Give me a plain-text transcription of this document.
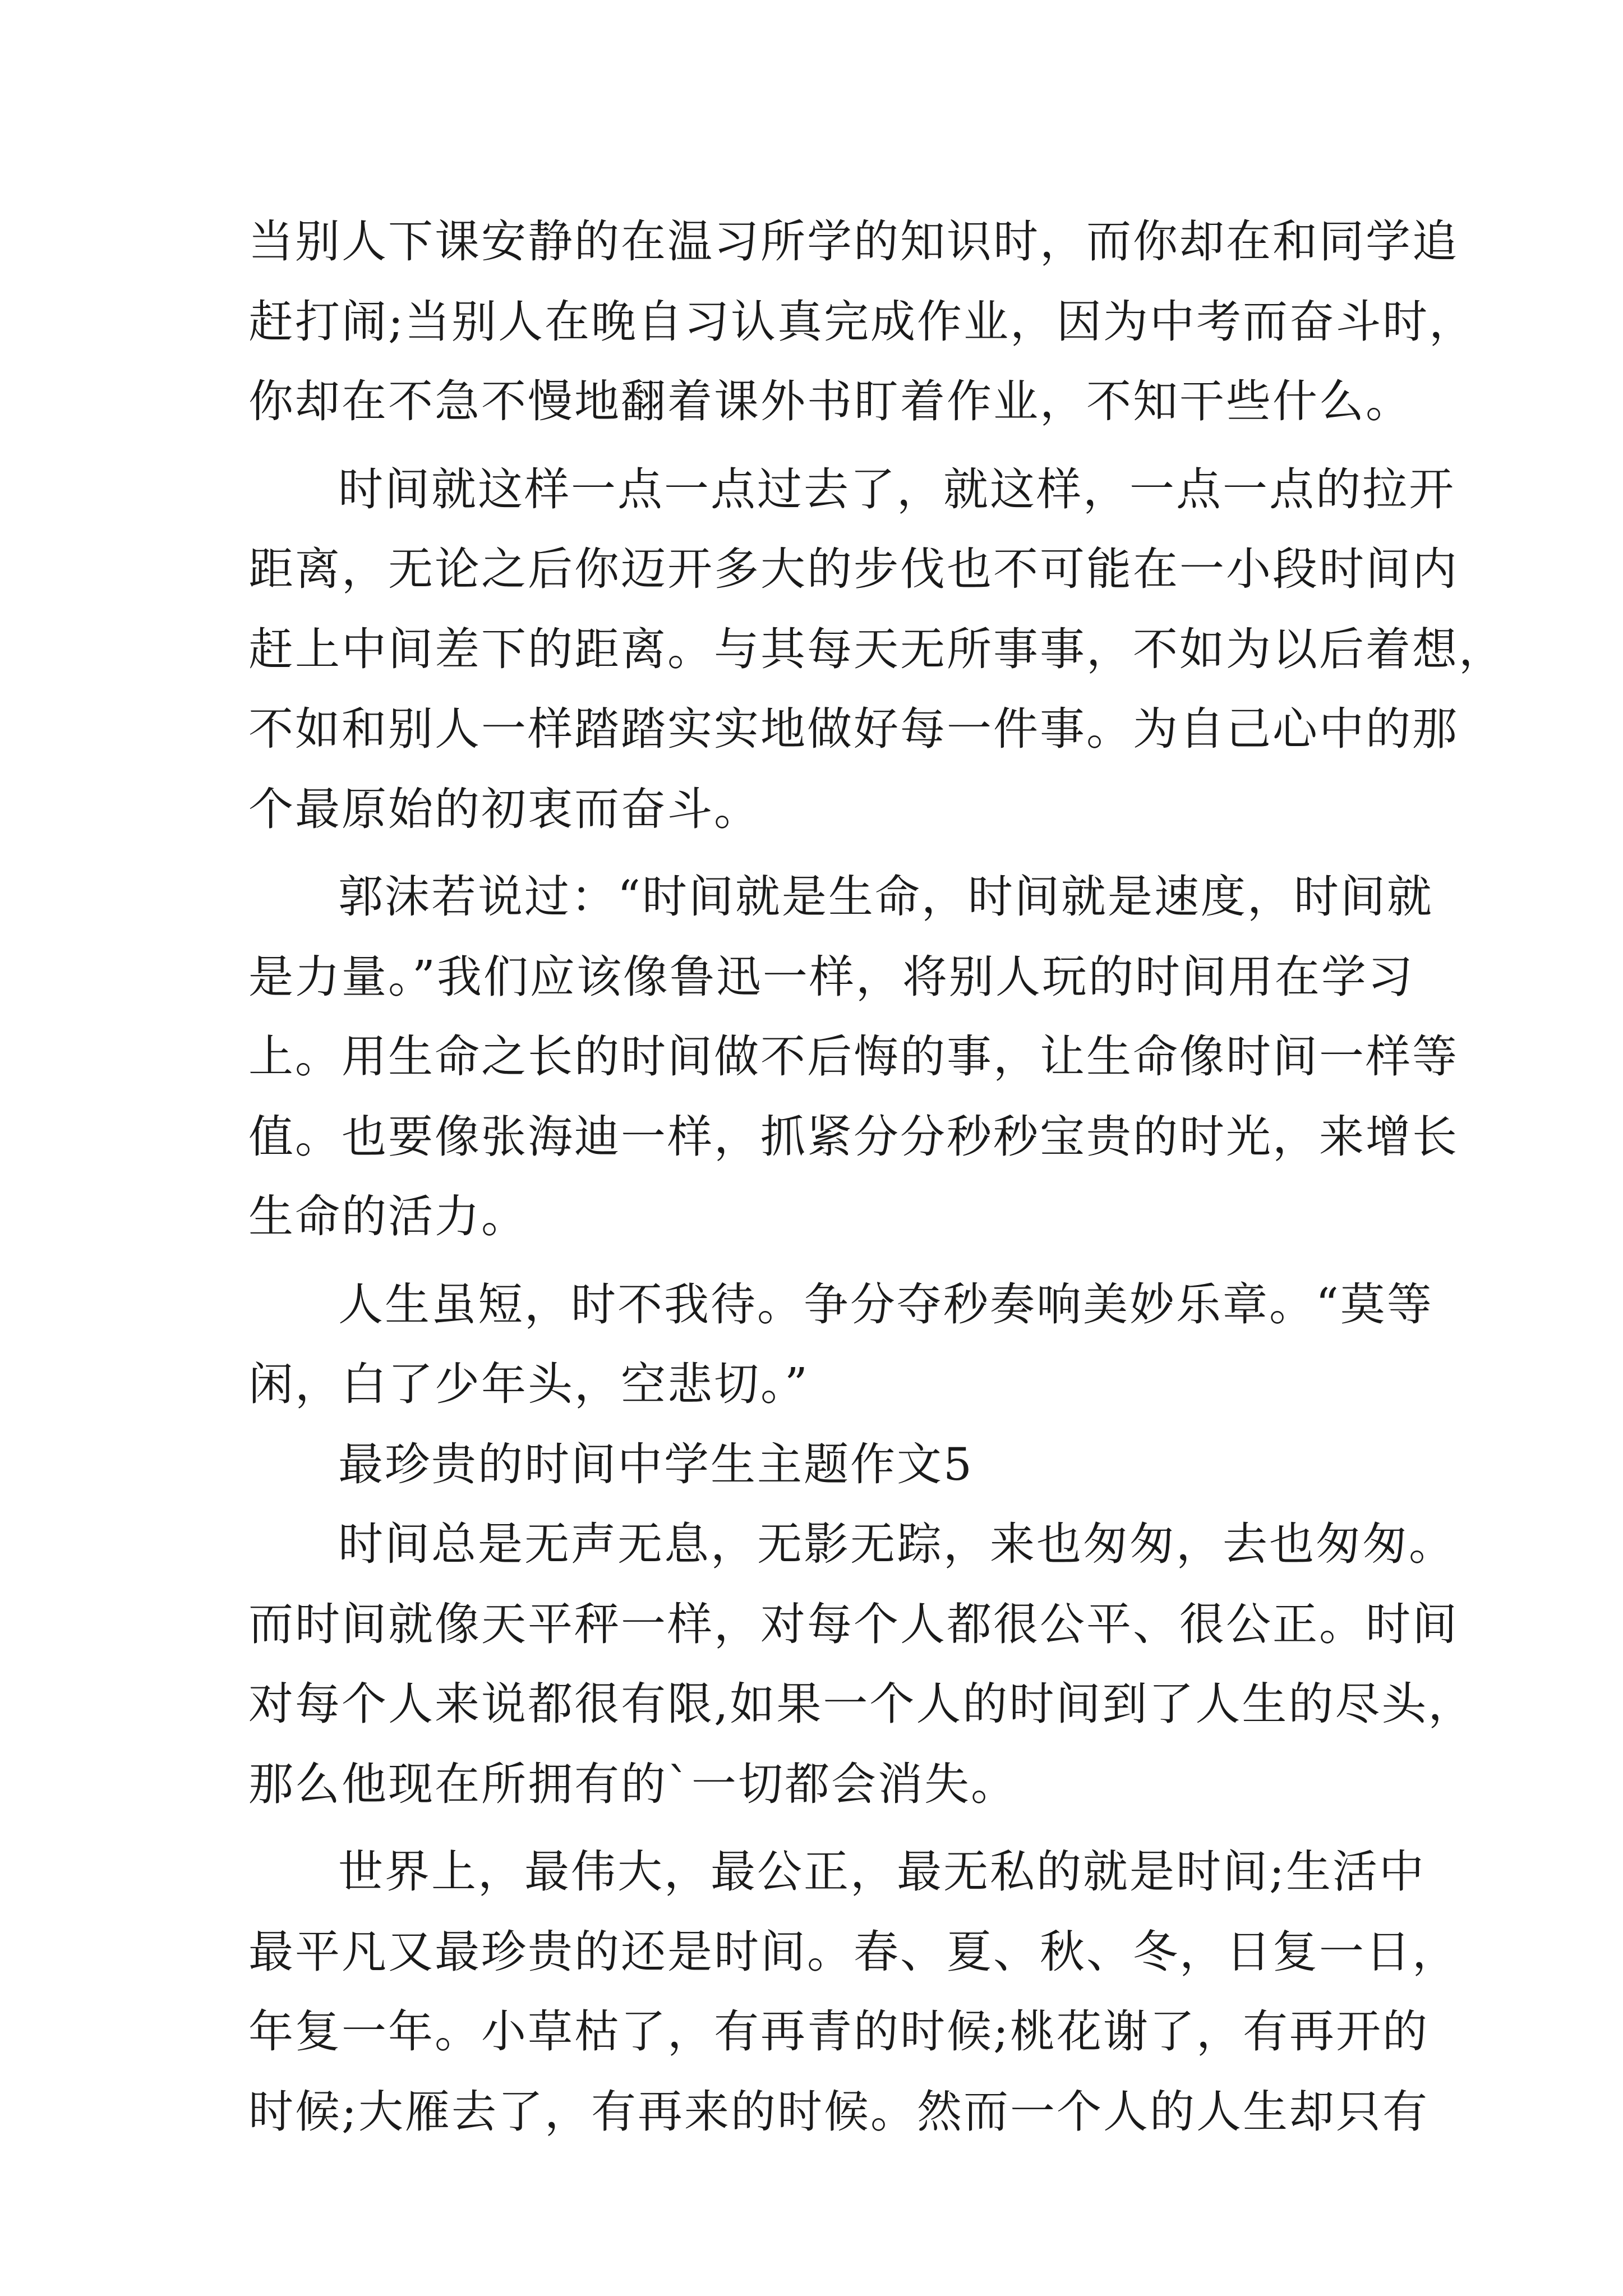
当别人下课安静的在温习所学的知识时，而你却在和同学追
赶打闹;当别人在晚自习认真完成作业，因为中考而奋斗时，
你却在不急不慢地翻着课外书盯着作业，不知干些什么。
时间就这样一点一点过去了，就这样，一点一点的拉开
距离，无论之后你迈开多大的步伐也不可能在一小段时间内
赶上中间差下的距离。与其每天无所事事，不如为以后着想，
不如和别人一样踏踏实实地做好每一件事。为自己心中的那
个最原始的初衷而奋斗。
郭沫若说过：“时间就是生命，时间就是速度，时间就
是力量。”我们应该像鲁迅一样，将别人玩的时间用在学习
上。用生命之长的时间做不后悔的事，让生命像时间一样等
值。也要像张海迪一样，抓紧分分秒秒宝贵的时光，来增长
生命的活力。
人生虽短，时不我待。争分夺秒奏响美妙乐章。“莫等
闲，白了少年头，空悲切。”
最珍贵的时间中学生主题作文5
时间总是无声无息，无影无踪，来也匆匆，去也匆匆。
而时间就像天平秤一样，对每个人都很公平、很公正。时间
对每个人来说都很有限,如果一个人的时间到了人生的尽头，
那么他现在所拥有的`一切都会消失。
世界上，最伟大，最公正，最无私的就是时间;生活中
最平凡又最珍贵的还是时间。春、夏、秋、冬，日复一日，
年复一年。小草枯了，有再青的时候;桃花谢了，有再开的
时候;大雁去了，有再来的时候。然而一个人的人生却只有
